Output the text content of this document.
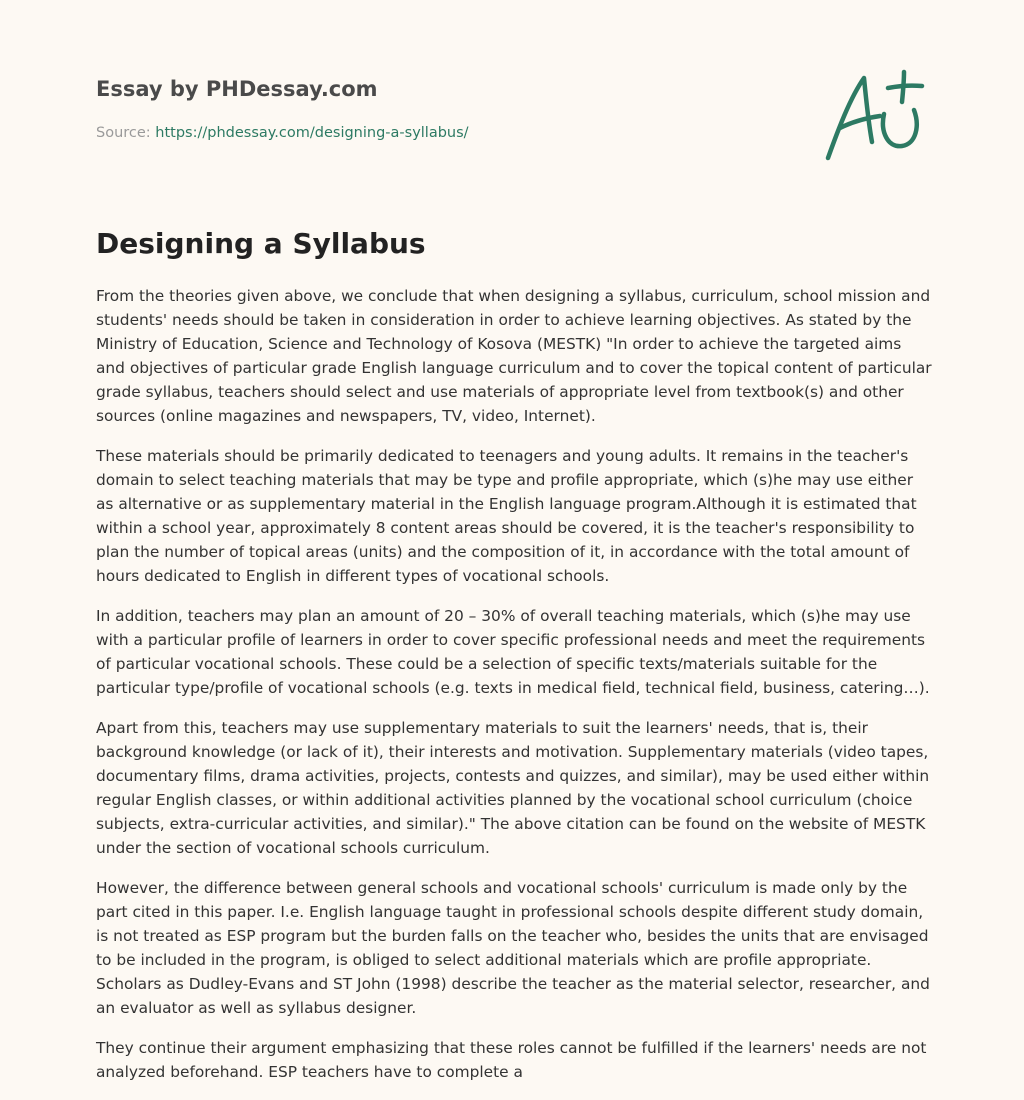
Essay by PHDessay.com
Source: https://phdessay.com/designing-a-syllabus/
Designing a Syllabus

From the theories given above, we conclude that when designing a syllabus, curriculum, school mission and students' needs should be taken in consideration in order to achieve learning objectives. As stated by the Ministry of Education, Science and Technology of Kosova (MESTK) "In order to achieve the targeted aims and objectives of particular grade English language curriculum and to cover the topical content of particular grade syllabus, teachers should select and use materials of appropriate level from textbook(s) and other sources (online magazines and newspapers, TV, video, Internet).

These materials should be primarily dedicated to teenagers and young adults. It remains in the teacher's domain to select teaching materials that may be type and profile appropriate, which (s)he may use either as alternative or as supplementary material in the English language program.Although it is estimated that within a school year, approximately 8 content areas should be covered, it is the teacher's responsibility to plan the number of topical areas (units) and the composition of it, in accordance with the total amount of hours dedicated to English in different types of vocational schools.

In addition, teachers may plan an amount of 20 – 30% of overall teaching materials, which (s)he may use with a particular profile of learners in order to cover specific professional needs and meet the requirements of particular vocational schools. These could be a selection of specific texts/materials suitable for the particular type/profile of vocational schools (e.g. texts in medical field, technical field, business, catering…).

Apart from this, teachers may use supplementary materials to suit the learners' needs, that is, their background knowledge (or lack of it), their interests and motivation. Supplementary materials (video tapes, documentary films, drama activities, projects, contests and quizzes, and similar), may be used either within regular English classes, or within additional activities planned by the vocational school curriculum (choice subjects, extra-curricular activities, and similar)." The above citation can be found on the website of MESTK under the section of vocational schools curriculum.

However, the difference between general schools and vocational schools' curriculum is made only by the part cited in this paper. I.e. English language taught in professional schools despite different study domain, is not treated as ESP program but the burden falls on the teacher who, besides the units that are envisaged to be included in the program, is obliged to select additional materials which are profile appropriate. Scholars as Dudley-Evans and ST John (1998) describe the teacher as the material selector, researcher, and an evaluator as well as syllabus designer.

They continue their argument emphasizing that these roles cannot be fulfilled if the learners' needs are not analyzed beforehand. ESP teachers have to complete a
